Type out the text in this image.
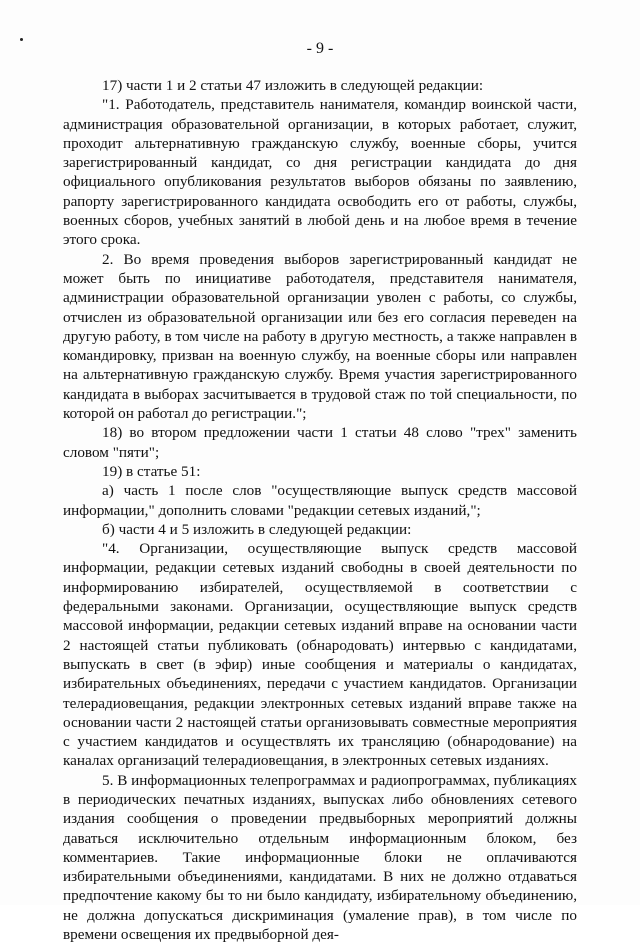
- 9 -

17) части 1 и 2 статьи 47 изложить в следующей редакции:

"1. Работодатель, представитель нанимателя, командир воинской части, администрация образовательной организации, в которых работает, служит, проходит альтернативную гражданскую службу, военные сборы, учится зарегистрированный кандидат, со дня регистрации кандидата до дня официального опубликования результатов выборов обязаны по заявлению, рапорту зарегистрированного кандидата освободить его от работы, службы, военных сборов, учебных занятий в любой день и на любое время в течение этого срока.

2. Во время проведения выборов зарегистрированный кандидат не может быть по инициативе работодателя, представителя нанимателя, администрации образовательной организации уволен с работы, со службы, отчислен из образовательной организации или без его согласия переведен на другую работу, в том числе на работу в другую местность, а также направлен в командировку, призван на военную службу, на военные сборы или направлен на альтернативную гражданскую службу. Время участия зарегистрированного кандидата в выборах засчитывается в трудовой стаж по той специальности, по которой он работал до регистрации.";

18) во втором предложении части 1 статьи 48 слово "трех" заменить словом "пяти";

19) в статье 51:

а) часть 1 после слов "осуществляющие выпуск средств массовой информации," дополнить словами "редакции сетевых изданий,";

б) части 4 и 5 изложить в следующей редакции:

"4. Организации, осуществляющие выпуск средств массовой информации, редакции сетевых изданий свободны в своей деятельности по информированию избирателей, осуществляемой в соответствии с федеральными законами. Организации, осуществляющие выпуск средств массовой информации, редакции сетевых изданий вправе на основании части 2 настоящей статьи публиковать (обнародовать) интервью с кандидатами, выпускать в свет (в эфир) иные сообщения и материалы о кандидатах, избирательных объединениях, передачи с участием кандидатов. Организации телерадиовещания, редакции электронных сетевых изданий вправе также на основании части 2 настоящей статьи организовывать совместные мероприятия с участием кандидатов и осуществлять их трансляцию (обнародование) на каналах организаций телерадиовещания, в электронных сетевых изданиях.

5. В информационных телепрограммах и радиопрограммах, публикациях в периодических печатных изданиях, выпусках либо обновлениях сетевого издания сообщения о проведении предвыборных мероприятий должны даваться исключительно отдельным информационным блоком, без комментариев. Такие информационные блоки не оплачиваются избирательными объединениями, кандидатами. В них не должно отдаваться предпочтение какому бы то ни было кандидату, избирательному объединению, не должна допускаться дискриминация (умаление прав), в том числе по времени освещения их предвыборной дея-
